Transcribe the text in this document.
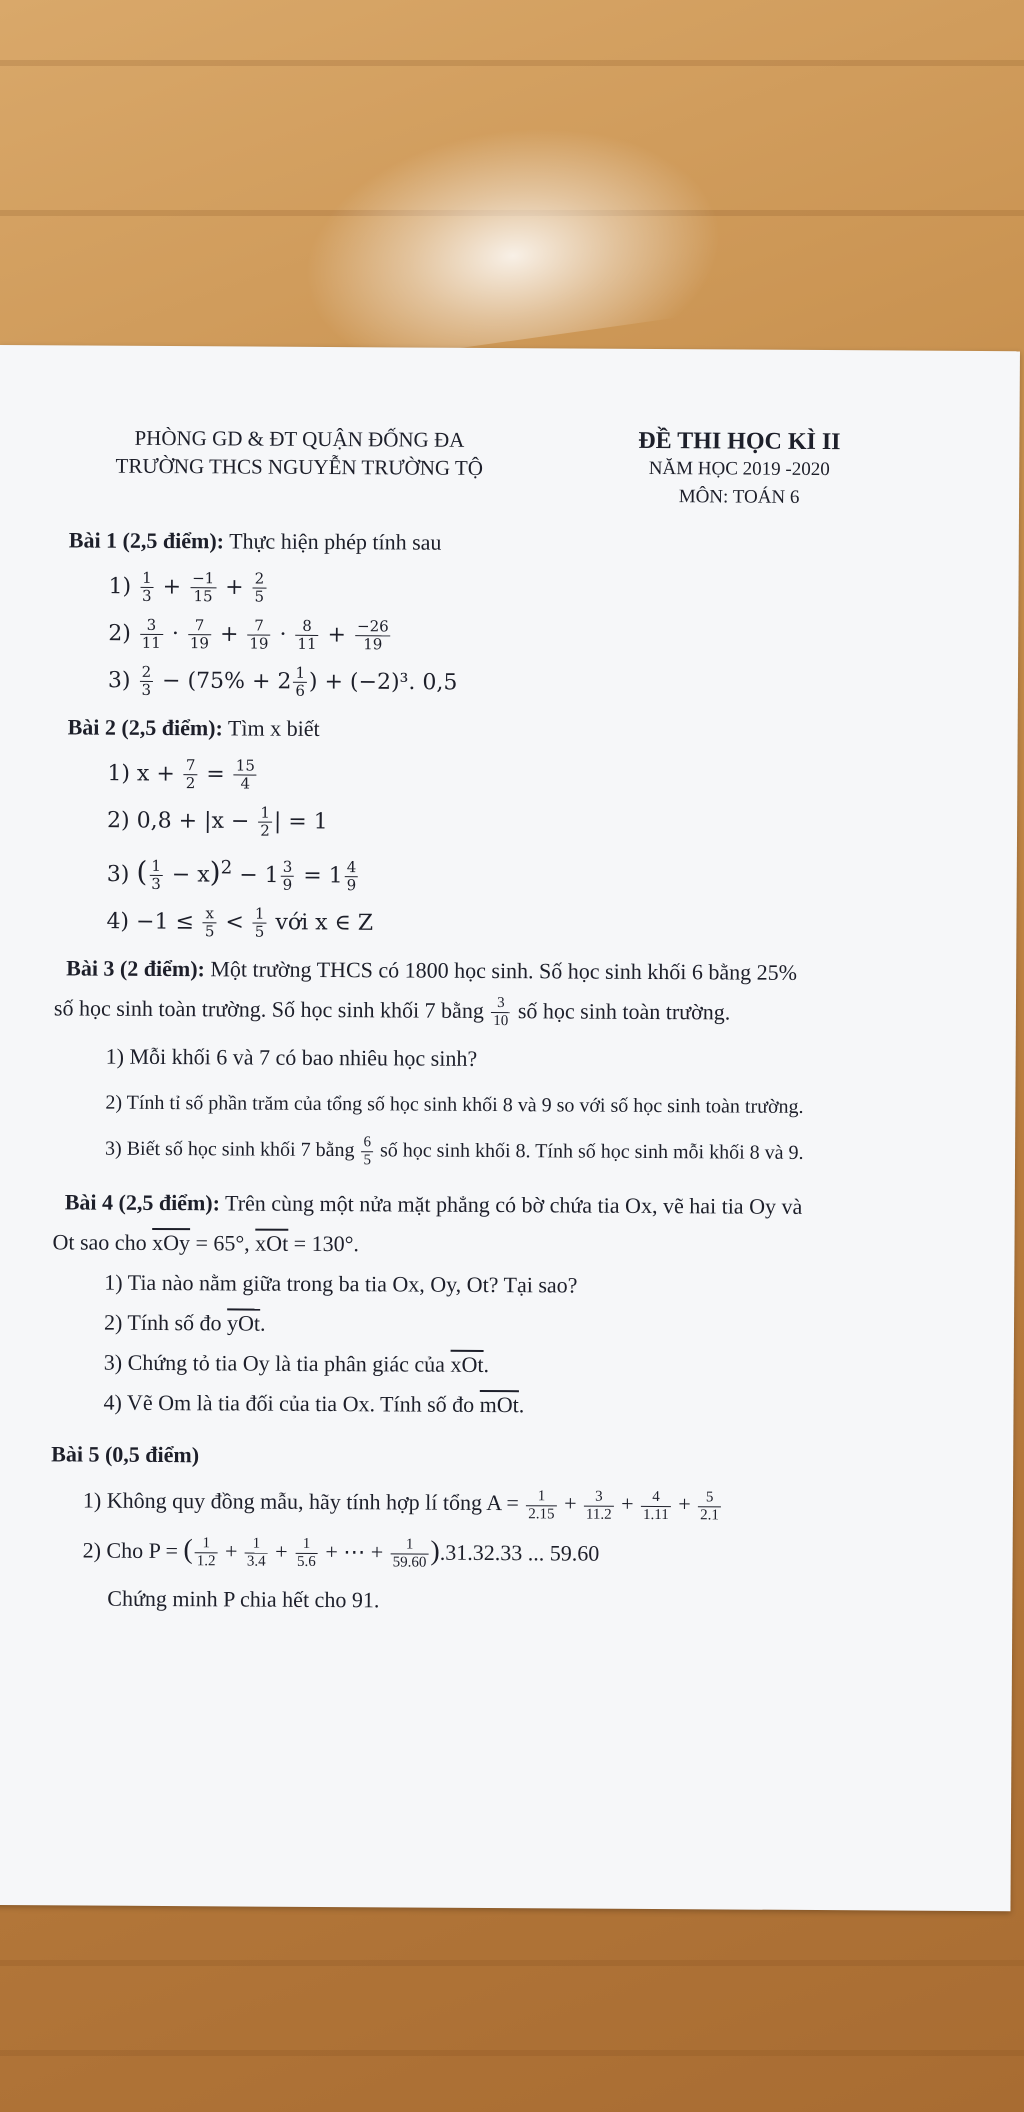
PHÒNG GD & ĐT QUẬN ĐỐNG ĐA
TRƯỜNG THCS NGUYỄN TRƯỜNG TỘ
ĐỀ THI HỌC KÌ II
NĂM HỌC 2019 -2020
MÔN: TOÁN 6
Bài 1 (2,5 điểm): Thực hiện phép tính sau
$1) \frac{1}{3} + \frac{-1}{15} + \frac{2}{5}$
$2) \frac{3}{11} \cdot \frac{7}{19} + \frac{7}{19} \cdot \frac{8}{11} + \frac{-26}{19}$
$3) \frac{2}{3} - (75\% + 2 \frac{1}{6}$ ) + (−2)³. 0,5
Bài 2 (2,5 điểm): Tìm x biết
1) $x + \frac{7}{2} = \frac{15}{4}$
2) $0,8 + |x - \frac{1}{2}$ | = 1
3) ( $\frac{1}{3} - x)^2 - 1 \frac{3}{9} = 1 \frac{4}{9}$
$4) -1 \le \frac{x}{5} < \frac{1}{5}$ với x ∈ Z
Bài 3 (2 điểm): Một trường THCS có 1800 học sinh. Số học sinh khối 6 bằng 25%
số học sinh toàn trường. Số học sinh khối 7 bằng $\frac{3}{10}$ số học sinh toàn trường.
1) Mỗi khối 6 và 7 có bao nhiêu học sinh?
2) Tính tỉ số phần trăm của tổng số học sinh khối 8 và 9 so với số học sinh toàn trường.
3) Biết số học sinh khối 7 bằng $\frac{6}{5}$ số học sinh khối 8. Tính số học sinh mỗi khối 8 và 9.
Bài 4 (2,5 điểm): Trên cùng một nửa mặt phẳng có bờ chứa tia Ox, vẽ hai tia Oy và
Ot sao cho $\overline{xOy} = 65^\circ$, $\overline{xOt} = 130^\circ$.
1) Tia nào nằm giữa trong ba tia Ox, Oy, Ot? Tại sao?
2) Tính số đo $\overline{yOt}$.
3) Chứng tỏ tia Oy là tia phân giác của $\overline{xOt}$.
4) Vẽ Om là tia đối của tia Ox. Tính số đo $\overline{mOt}$.
Bài 5 (0,5 điểm)
1) Không quy đồng mẫu, hãy tính hợp lí tổng $A = \frac{1}{2.15} + \frac{3}{11.2} + \frac{4}{1.11} + \frac{5}{2.1}$
2) Cho P = ( $\frac{1}{1.2} + \frac{1}{3.4} + \frac{1}{5.6}$ + ⋯ + $\frac{1}{59.60} ).31.32.33$ ... 59.60
Chứng minh P chia hết cho 91.
